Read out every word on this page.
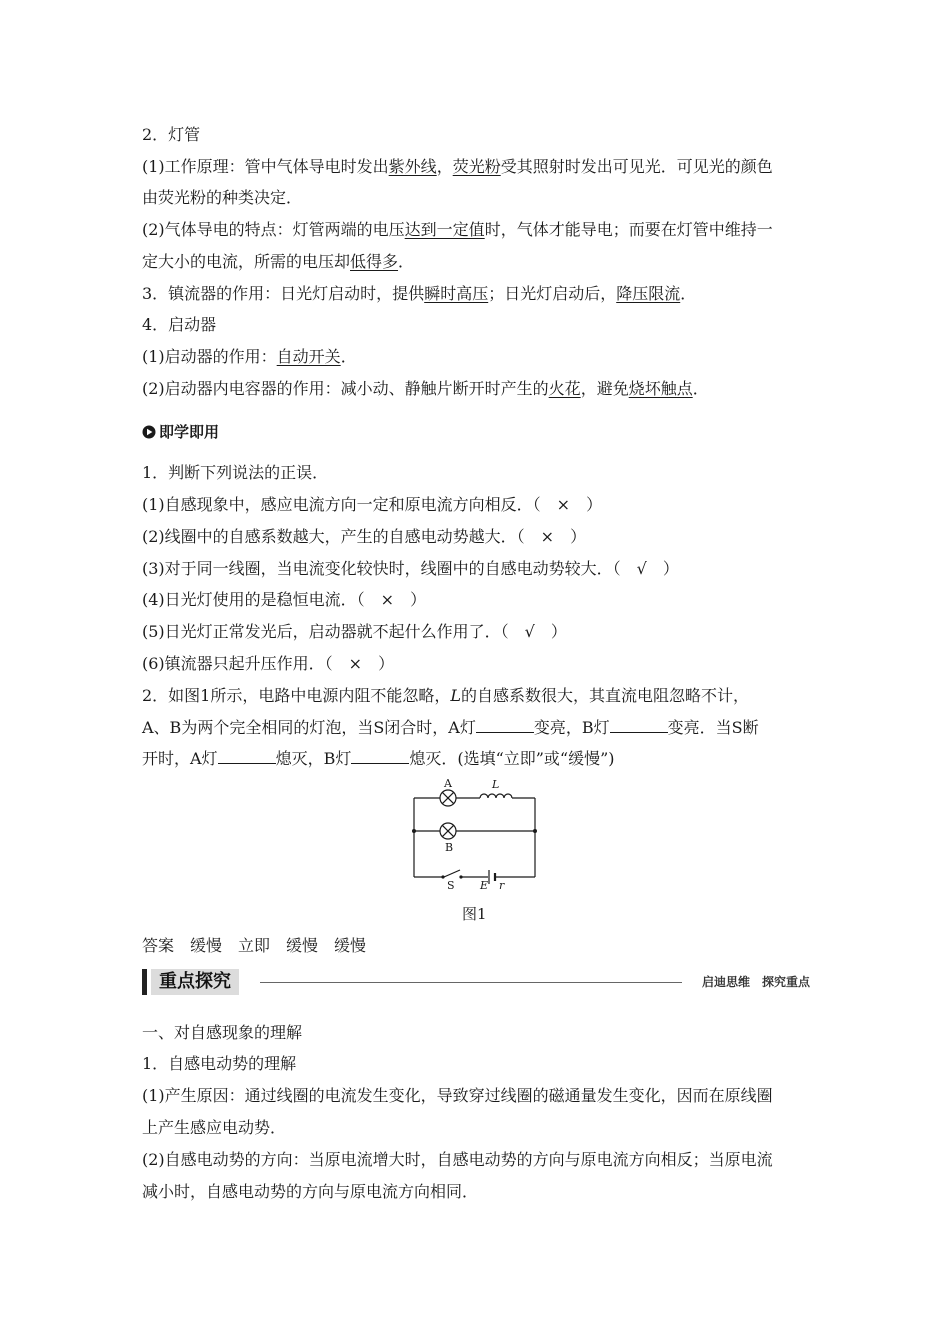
2．灯管
(1)工作原理：管中气体导电时发出紫外线，荧光粉受其照射时发出可见光．可见光的颜色
由荧光粉的种类决定．
(2)气体导电的特点：灯管两端的电压达到一定值时，气体才能导电；而要在灯管中维持一
定大小的电流，所需的电压却低得多．
3．镇流器的作用：日光灯启动时，提供瞬时高压；日光灯启动后，降压限流．
4．启动器
(1)启动器的作用：自动开关．
(2)启动器内电容器的作用：减小动、静触片断开时产生的火花，避免烧坏触点．
即学即用
1．判断下列说法的正误．
(1)自感现象中，感应电流方向一定和原电流方向相反．（　×　）
(2)线圈中的自感系数越大，产生的自感电动势越大．（　×　）
(3)对于同一线圈，当电流变化较快时，线圈中的自感电动势较大．（　√　）
(4)日光灯使用的是稳恒电流．（　×　）
(5)日光灯正常发光后，启动器就不起什么作用了．（　√　）
(6)镇流器只起升压作用．（　×　）
2．如图1所示，电路中电源内阻不能忽略，L的自感系数很大，其直流电阻忽略不计，
A、B为两个完全相同的灯泡，当S闭合时，A灯	变亮，B灯	变亮．当S断
开时，A灯	熄灭，B灯	熄灭．(选填“立即”或“缓慢”)
A	L
B
S E r
图1
答案　缓慢　立即　缓慢　缓慢
重点探究	启迪思维　探究重点
一、对自感现象的理解
1．自感电动势的理解
(1)产生原因：通过线圈的电流发生变化，导致穿过线圈的磁通量发生变化，因而在原线圈
上产生感应电动势．
(2)自感电动势的方向：当原电流增大时，自感电动势的方向与原电流方向相反；当原电流
减小时，自感电动势的方向与原电流方向相同．
